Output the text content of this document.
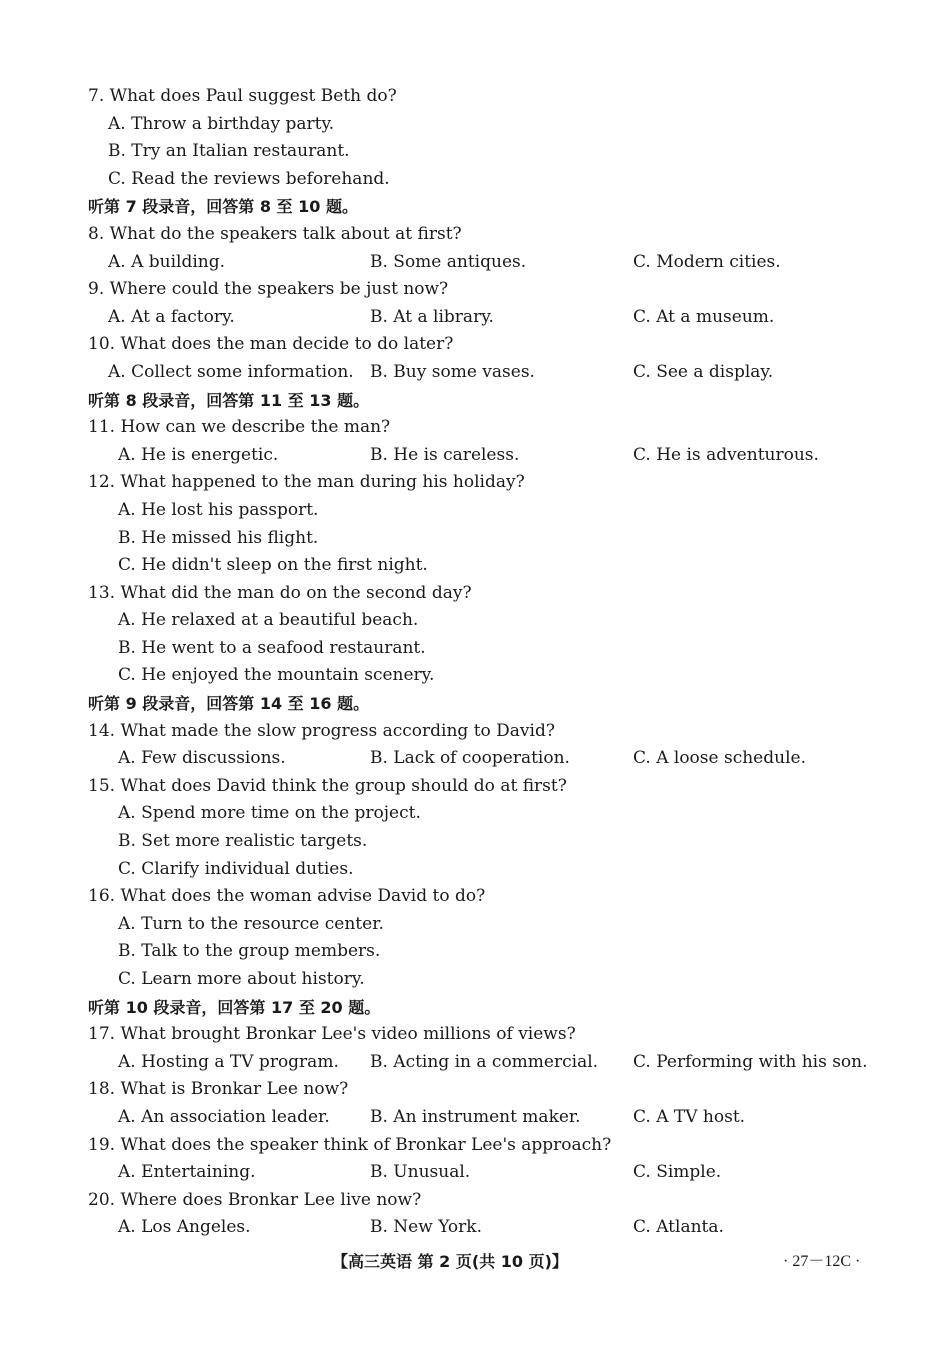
7. What does Paul suggest Beth do?
A. Throw a birthday party.
B. Try an Italian restaurant.
C. Read the reviews beforehand.
听第 7 段录音，回答第 8 至 10 题。
8. What do the speakers talk about at first?
A. A building.	B. Some antiques.	C. Modern cities.
9. Where could the speakers be just now?
A. At a factory.	B. At a library.	C. At a museum.
10. What does the man decide to do later?
A. Collect some information. B. Buy some vases.	C. See a display.
听第 8 段录音，回答第 11 至 13 题。
11. How can we describe the man?
A. He is energetic.	B. He is careless.	C. He is adventurous.
12. What happened to the man during his holiday?
A. He lost his passport.
B. He missed his flight.
C. He didn't sleep on the first night.
13. What did the man do on the second day?
A. He relaxed at a beautiful beach.
B. He went to a seafood restaurant.
C. He enjoyed the mountain scenery.
听第 9 段录音，回答第 14 至 16 题。
14. What made the slow progress according to David?
A. Few discussions.	B. Lack of cooperation.	C. A loose schedule.
15. What does David think the group should do at first?
A. Spend more time on the project.
B. Set more realistic targets.
C. Clarify individual duties.
16. What does the woman advise David to do?
A. Turn to the resource center.
B. Talk to the group members.
C. Learn more about history.
听第 10 段录音，回答第 17 至 20 题。
17. What brought Bronkar Lee's video millions of views?
A. Hosting a TV program. B. Acting in a commercial. C. Performing with his son.
18. What is Bronkar Lee now?
A. An association leader. B. An instrument maker.	C. A TV host.
19. What does the speaker think of Bronkar Lee's approach?
A. Entertaining.	B. Unusual.	C. Simple.
20. Where does Bronkar Lee live now?
A. Los Angeles.	B. New York.	C. Atlanta.
【高三英语 第 2 页(共 10 页)】	· 27－12C ·
